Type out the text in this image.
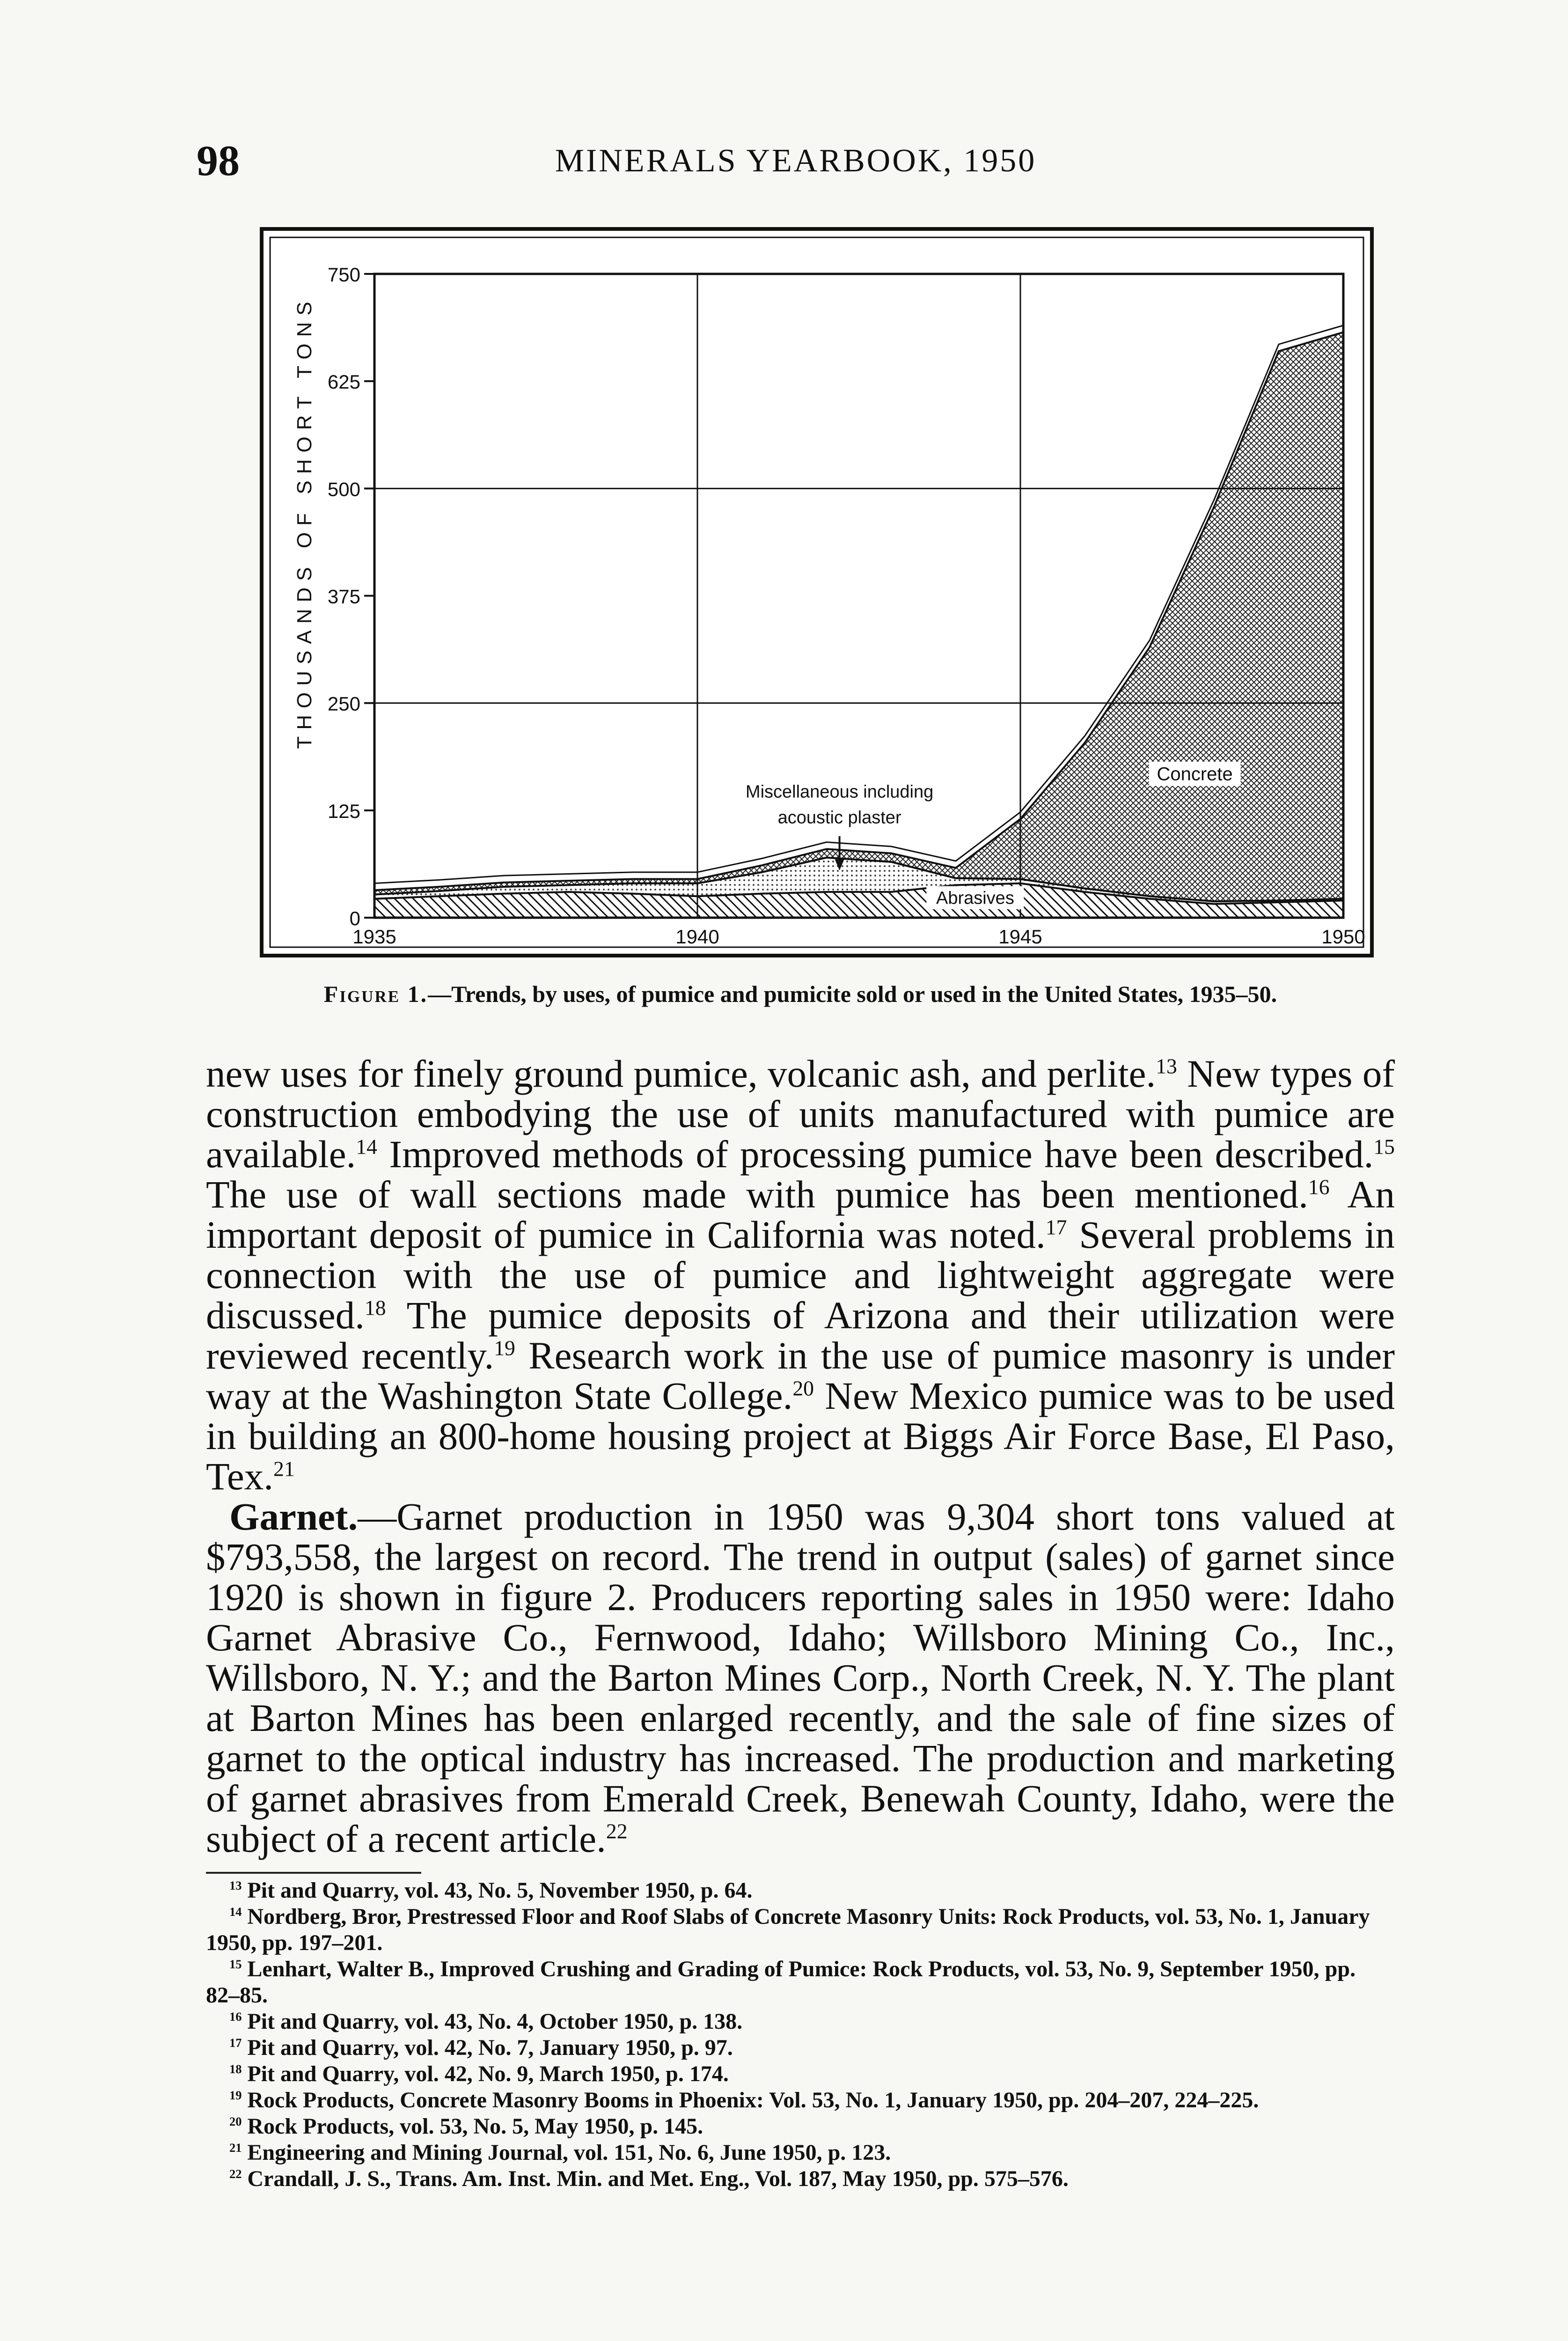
98	MINERALS YEARBOOK, 1950
0
125
250
375
500
625
750
1935	1940	1945	1950
Miscellaneous including
acoustic plaster
Concrete
Abrasives
THOUSANDS OF SHORT TONS
Figure 1.—Trends, by uses, of pumice and pumicite sold or used in the United States, 1935–50.

new uses for finely ground pumice, volcanic ash, and perlite.$^{13}$ New types of construction embodying the use of units manufactured with pumice are available.$^{14}$ Improved methods of processing pumice have been described.$^{15}$ The use of wall sections made with pumice has been mentioned.$^{16}$ An important deposit of pumice in California was noted.$^{17}$ Several problems in connection with the use of pumice and lightweight aggregate were discussed.$^{18}$ The pumice deposits of Arizona and their utilization were reviewed recently.$^{19}$ Research work in the use of pumice masonry is under way at the Washington State College.$^{20}$ New Mexico pumice was to be used in building an 800-home housing project at Biggs Air Force Base, El Paso, Tex.$^{21}$

Garnet.—Garnet production in 1950 was 9,304 short tons valued at $793,558, the largest on record. The trend in output (sales) of garnet since 1920 is shown in figure 2. Producers reporting sales in 1950 were: Idaho Garnet Abrasive Co., Fernwood, Idaho; Willsboro Mining Co., Inc., Willsboro, N. Y.; and the Barton Mines Corp., North Creek, N. Y. The plant at Barton Mines has been enlarged recently, and the sale of fine sizes of garnet to the optical industry has increased. The production and marketing of garnet abrasives from Emerald Creek, Benewah County, Idaho, were the subject of a recent article.$^{22}$

$^{13}$ Pit and Quarry, vol. 43, No. 5, November 1950, p. 64.

$^{14}$ Nordberg, Bror, Prestressed Floor and Roof Slabs of Concrete Masonry Units: Rock Products, vol. 53, No. 1, January 1950, pp. 197–201.

$^{15}$ Lenhart, Walter B., Improved Crushing and Grading of Pumice: Rock Products, vol. 53, No. 9, September 1950, pp. 82–85.

$^{16}$ Pit and Quarry, vol. 43, No. 4, October 1950, p. 138.

$^{17}$ Pit and Quarry, vol. 42, No. 7, January 1950, p. 97.

$^{18}$ Pit and Quarry, vol. 42, No. 9, March 1950, p. 174.

$^{19}$ Rock Products, Concrete Masonry Booms in Phoenix: Vol. 53, No. 1, January 1950, pp. 204–207, 224–225.

$^{20}$ Rock Products, vol. 53, No. 5, May 1950, p. 145.

$^{21}$ Engineering and Mining Journal, vol. 151, No. 6, June 1950, p. 123.

$^{22}$ Crandall, J. S., Trans. Am. Inst. Min. and Met. Eng., Vol. 187, May 1950, pp. 575–576.
